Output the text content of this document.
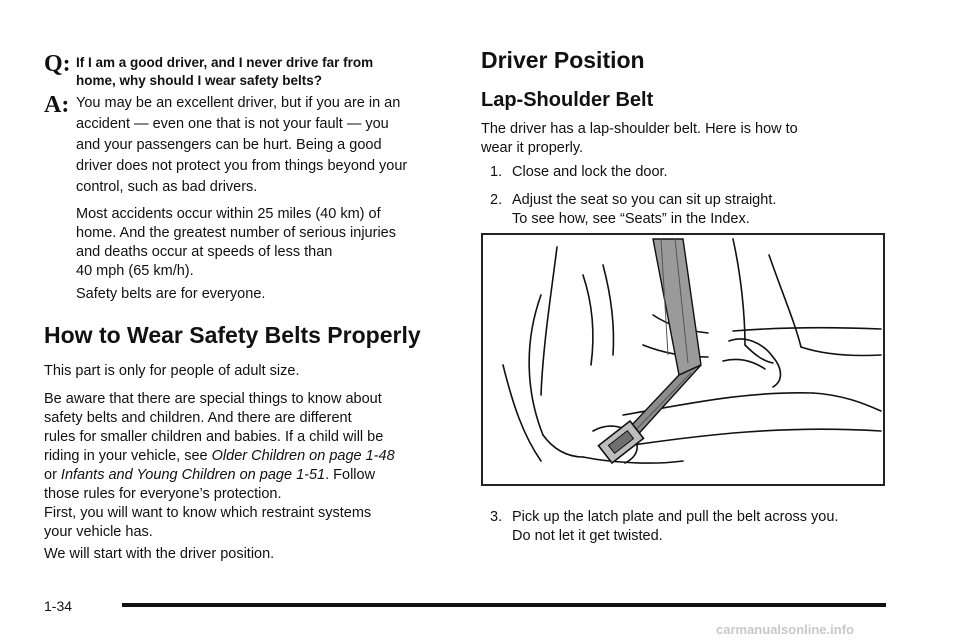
Q: If I am a good driver, and I never drive far from
home, why should I wear safety belts?
A: You may be an excellent driver, but if you are in an
accident — even one that is not your fault — you
and your passengers can be hurt. Being a good
driver does not protect you from things beyond your
control, such as bad drivers.
Most accidents occur within 25 miles (40 km) of
home. And the greatest number of serious injuries
and deaths occur at speeds of less than
40 mph (65 km/h).
Safety belts are for everyone.
How to Wear Safety Belts Properly
This part is only for people of adult size.
Be aware that there are special things to know about
safety belts and children. And there are different
rules for smaller children and babies. If a child will be
riding in your vehicle, see Older Children on page 1-48
or Infants and Young Children on page 1-51. Follow
those rules for everyone’s protection.
First, you will want to know which restraint systems
your vehicle has.
We will start with the driver position.
Driver Position
Lap-Shoulder Belt
The driver has a lap-shoulder belt. Here is how to
wear it properly.
1. Close and lock the door.
2. Adjust the seat so you can sit up straight.
To see how, see “Seats” in the Index.
3. Pick up the latch plate and pull the belt across you.
Do not let it get twisted.
1-34
carmanualsonline.info
